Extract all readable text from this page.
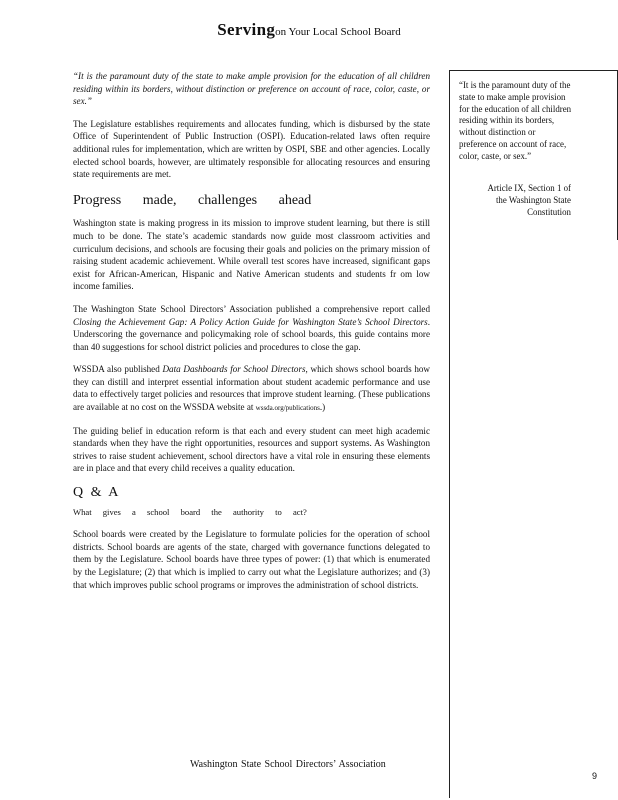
Servingon Your Local School Board

“It is the paramount duty of the state to make ample provision for the education of all children residing within its borders, without distinction or preference on account of race, color, caste, or sex.”

The Legislature establishes requirements and allocates funding, which is disbursed by the state Office of Superintendent of Public Instruction (OSPI). Education-related laws often require additional rules for implementation, which are written by OSPI, SBE and other agencies. Locally elected school boards, however, are ultimately responsible for allocating resources and ensuring state requirements are met.

Progress made, challenges ahead

Washington state is making progress in its mission to improve student learning, but there is still much to be done. The state’s academic standards now guide most classroom activities and curriculum decisions, and schools are focusing their goals and policies on the primary mission of raising student academic achievement. While overall test scores have increased, significant gaps exist for African-American, Hispanic and Native American students and students fr om low income families.

The Washington State School Directors’ Association published a comprehensive report called Closing the Achievement Gap: A Policy Action Guide for Washington State’s School Directors. Underscoring the governance and policymaking role of school boards, this guide contains more than 40 suggestions for school district policies and procedures to close the gap.

WSSDA also published Data Dashboards for School Directors, which shows school boards how they can distill and interpret essential information about student academic performance and use data to effectively target policies and resources that improve student learning. (These publications are available at no cost on the WSSDA website at wssda.org/publications.)

The guiding belief in education reform is that each and every student can meet high academic standards when they have the right opportunities, resources and support systems. As Washington strives to raise student achievement, school directors have a vital role in ensuring these elements are in place and that every child receives a quality education.

Q & A
What gives a school board the authority to act?

School boards were created by the Legislature to formulate policies for the operation of school districts. School boards are agents of the state, charged with governance functions delegated to them by the Legislature. School boards have three types of power: (1) that which is enumerated by the Legislature; (2) that which is implied to carry out what the Legislature authorizes; and (3) that which improves public school programs or improves the administration of school districts.

“It is the paramount duty of the state to make ample provision for the education of all children residing within its borders, without distinction or preference on account of race, color, caste, or sex.”
Article IX, Section 1 of
the Washington State
Constitution
Washington State School Directors’ Association
9
